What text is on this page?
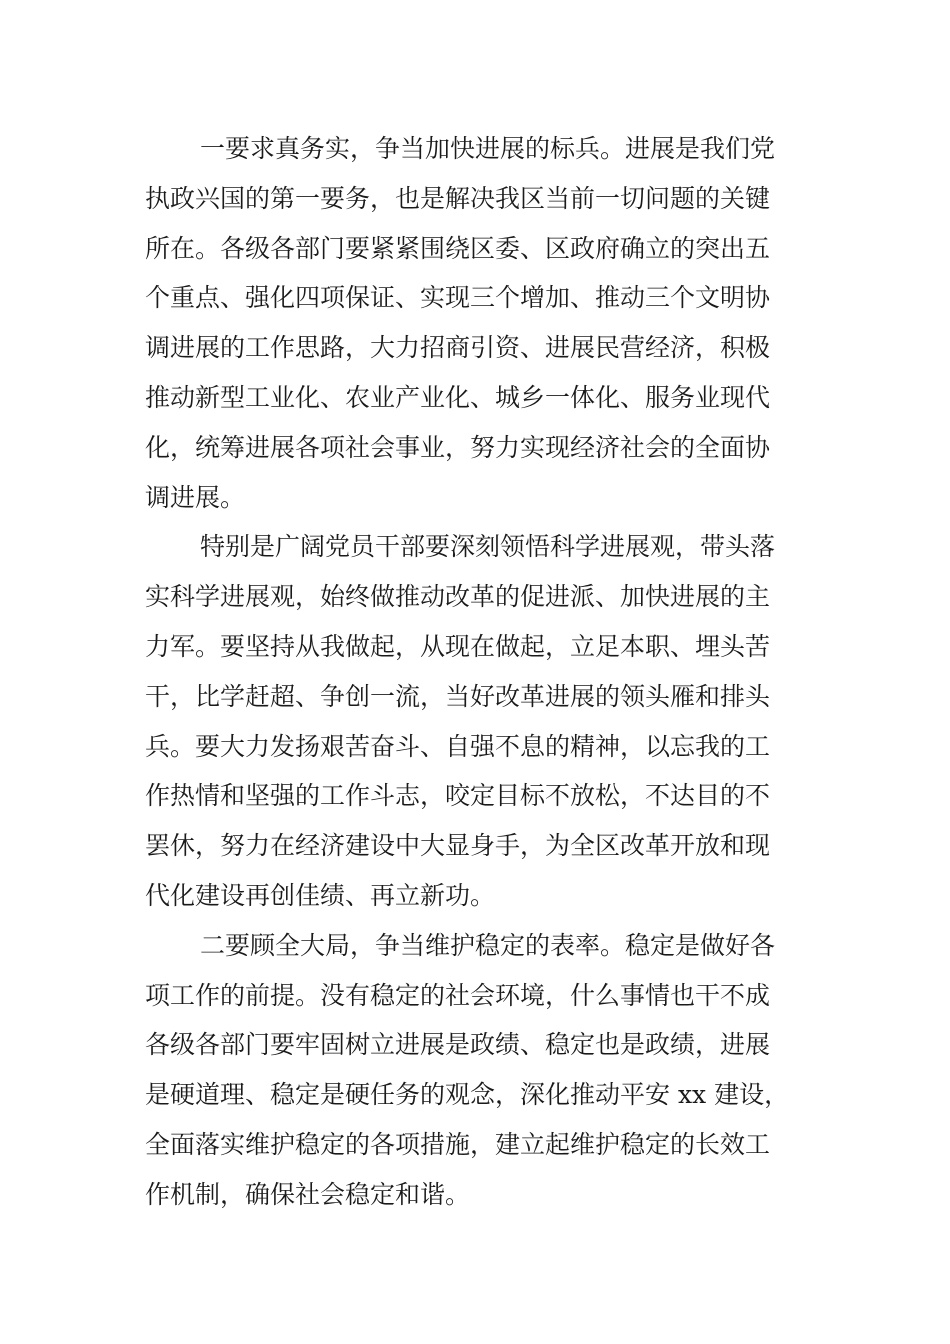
一要求真务实，争当加快进展的标兵。进展是我们党
执政兴国的第一要务，也是解决我区当前一切问题的关键
所在。各级各部门要紧紧围绕区委、区政府确立的突出五
个重点、强化四项保证、实现三个增加、推动三个文明协
调进展的工作思路，大力招商引资、进展民营经济，积极
推动新型工业化、农业产业化、城乡一体化、服务业现代
化，统筹进展各项社会事业，努力实现经济社会的全面协
调进展。

特别是广阔党员干部要深刻领悟科学进展观，带头落
实科学进展观，始终做推动改革的促进派、加快进展的主
力军。要坚持从我做起，从现在做起，立足本职、埋头苦
干，比学赶超、争创一流，当好改革进展的领头雁和排头
兵。要大力发扬艰苦奋斗、自强不息的精神，以忘我的工
作热情和坚强的工作斗志，咬定目标不放松，不达目的不
罢休，努力在经济建设中大显身手，为全区改革开放和现
代化建设再创佳绩、再立新功。

二要顾全大局，争当维护稳定的表率。稳定是做好各
项工作的前提。没有稳定的社会环境，什么事情也干不成
各级各部门要牢固树立进展是政绩、稳定也是政绩，进展
是硬道理、稳定是硬任务的观念，深化推动平安 xx 建设，
全面落实维护稳定的各项措施，建立起维护稳定的长效工
作机制，确保社会稳定和谐。
